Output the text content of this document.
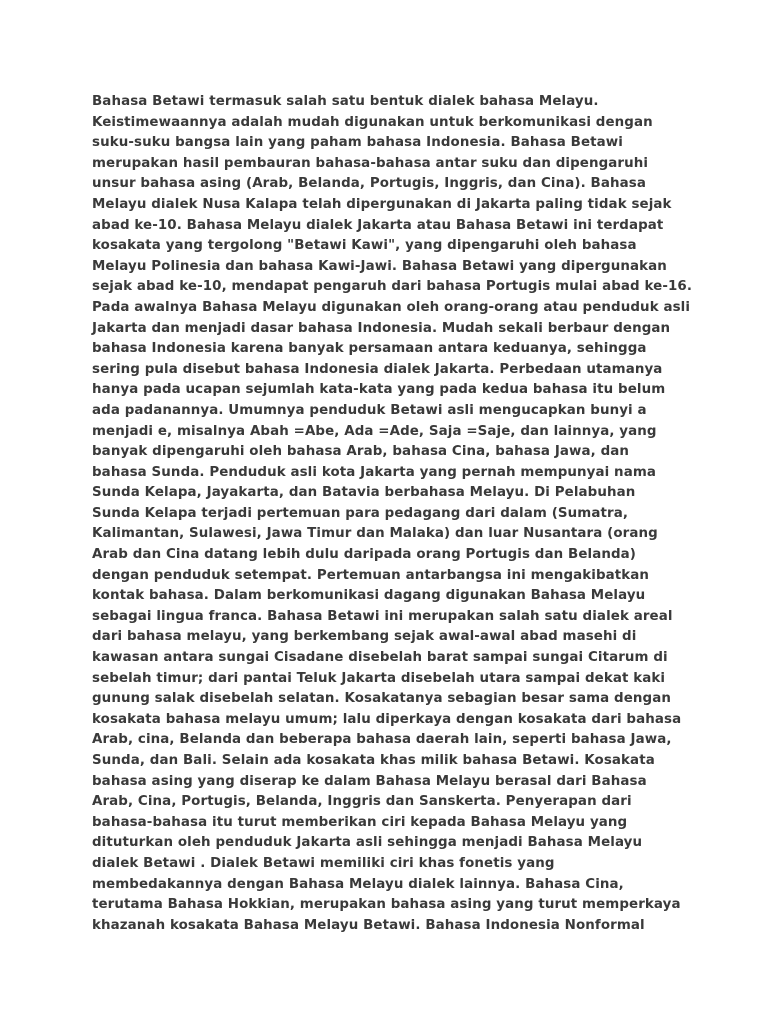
Bahasa Betawi termasuk salah satu bentuk dialek bahasa Melayu.
Keistimewaannya adalah mudah digunakan untuk berkomunikasi dengan
suku-suku bangsa lain yang paham bahasa Indonesia. Bahasa Betawi
merupakan hasil pembauran bahasa-bahasa antar suku dan dipengaruhi
unsur bahasa asing (Arab, Belanda, Portugis, Inggris, dan Cina). Bahasa
Melayu dialek Nusa Kalapa telah dipergunakan di Jakarta paling tidak sejak
abad ke-10. Bahasa Melayu dialek Jakarta atau Bahasa Betawi ini terdapat
kosakata yang tergolong "Betawi Kawi", yang dipengaruhi oleh bahasa
Melayu Polinesia dan bahasa Kawi-Jawi. Bahasa Betawi yang dipergunakan
sejak abad ke-10, mendapat pengaruh dari bahasa Portugis mulai abad ke-16.
Pada awalnya Bahasa Melayu digunakan oleh orang-orang atau penduduk asli
Jakarta dan menjadi dasar bahasa Indonesia. Mudah sekali berbaur dengan
bahasa Indonesia karena banyak persamaan antara keduanya, sehingga
sering pula disebut bahasa Indonesia dialek Jakarta. Perbedaan utamanya
hanya pada ucapan sejumlah kata-kata yang pada kedua bahasa itu belum
ada padanannya. Umumnya penduduk Betawi asli mengucapkan bunyi a
menjadi e, misalnya Abah =Abe, Ada =Ade, Saja =Saje, dan lainnya, yang
banyak dipengaruhi oleh bahasa Arab, bahasa Cina, bahasa Jawa, dan
bahasa Sunda. Penduduk asli kota Jakarta yang pernah mempunyai nama
Sunda Kelapa, Jayakarta, dan Batavia berbahasa Melayu. Di Pelabuhan
Sunda Kelapa terjadi pertemuan para pedagang dari dalam (Sumatra,
Kalimantan, Sulawesi, Jawa Timur dan Malaka) dan luar Nusantara (orang
Arab dan Cina datang lebih dulu daripada orang Portugis dan Belanda)
dengan penduduk setempat. Pertemuan antarbangsa ini mengakibatkan
kontak bahasa. Dalam berkomunikasi dagang digunakan Bahasa Melayu
sebagai lingua franca. Bahasa Betawi ini merupakan salah satu dialek areal
dari bahasa melayu, yang berkembang sejak awal-awal abad masehi di
kawasan antara sungai Cisadane disebelah barat sampai sungai Citarum di
sebelah timur; dari pantai Teluk Jakarta disebelah utara sampai dekat kaki
gunung salak disebelah selatan. Kosakatanya sebagian besar sama dengan
kosakata bahasa melayu umum; lalu diperkaya dengan kosakata dari bahasa
Arab, cina, Belanda dan beberapa bahasa daerah lain, seperti bahasa Jawa,
Sunda, dan Bali. Selain ada kosakata khas milik bahasa Betawi. Kosakata
bahasa asing yang diserap ke dalam Bahasa Melayu berasal dari Bahasa
Arab, Cina, Portugis, Belanda, Inggris dan Sanskerta. Penyerapan dari
bahasa-bahasa itu turut memberikan ciri kepada Bahasa Melayu yang
dituturkan oleh penduduk Jakarta asli sehingga menjadi Bahasa Melayu
dialek Betawi . Dialek Betawi memiliki ciri khas fonetis yang
membedakannya dengan Bahasa Melayu dialek lainnya. Bahasa Cina,
terutama Bahasa Hokkian, merupakan bahasa asing yang turut memperkaya
khazanah kosakata Bahasa Melayu Betawi. Bahasa Indonesia Nonformal
